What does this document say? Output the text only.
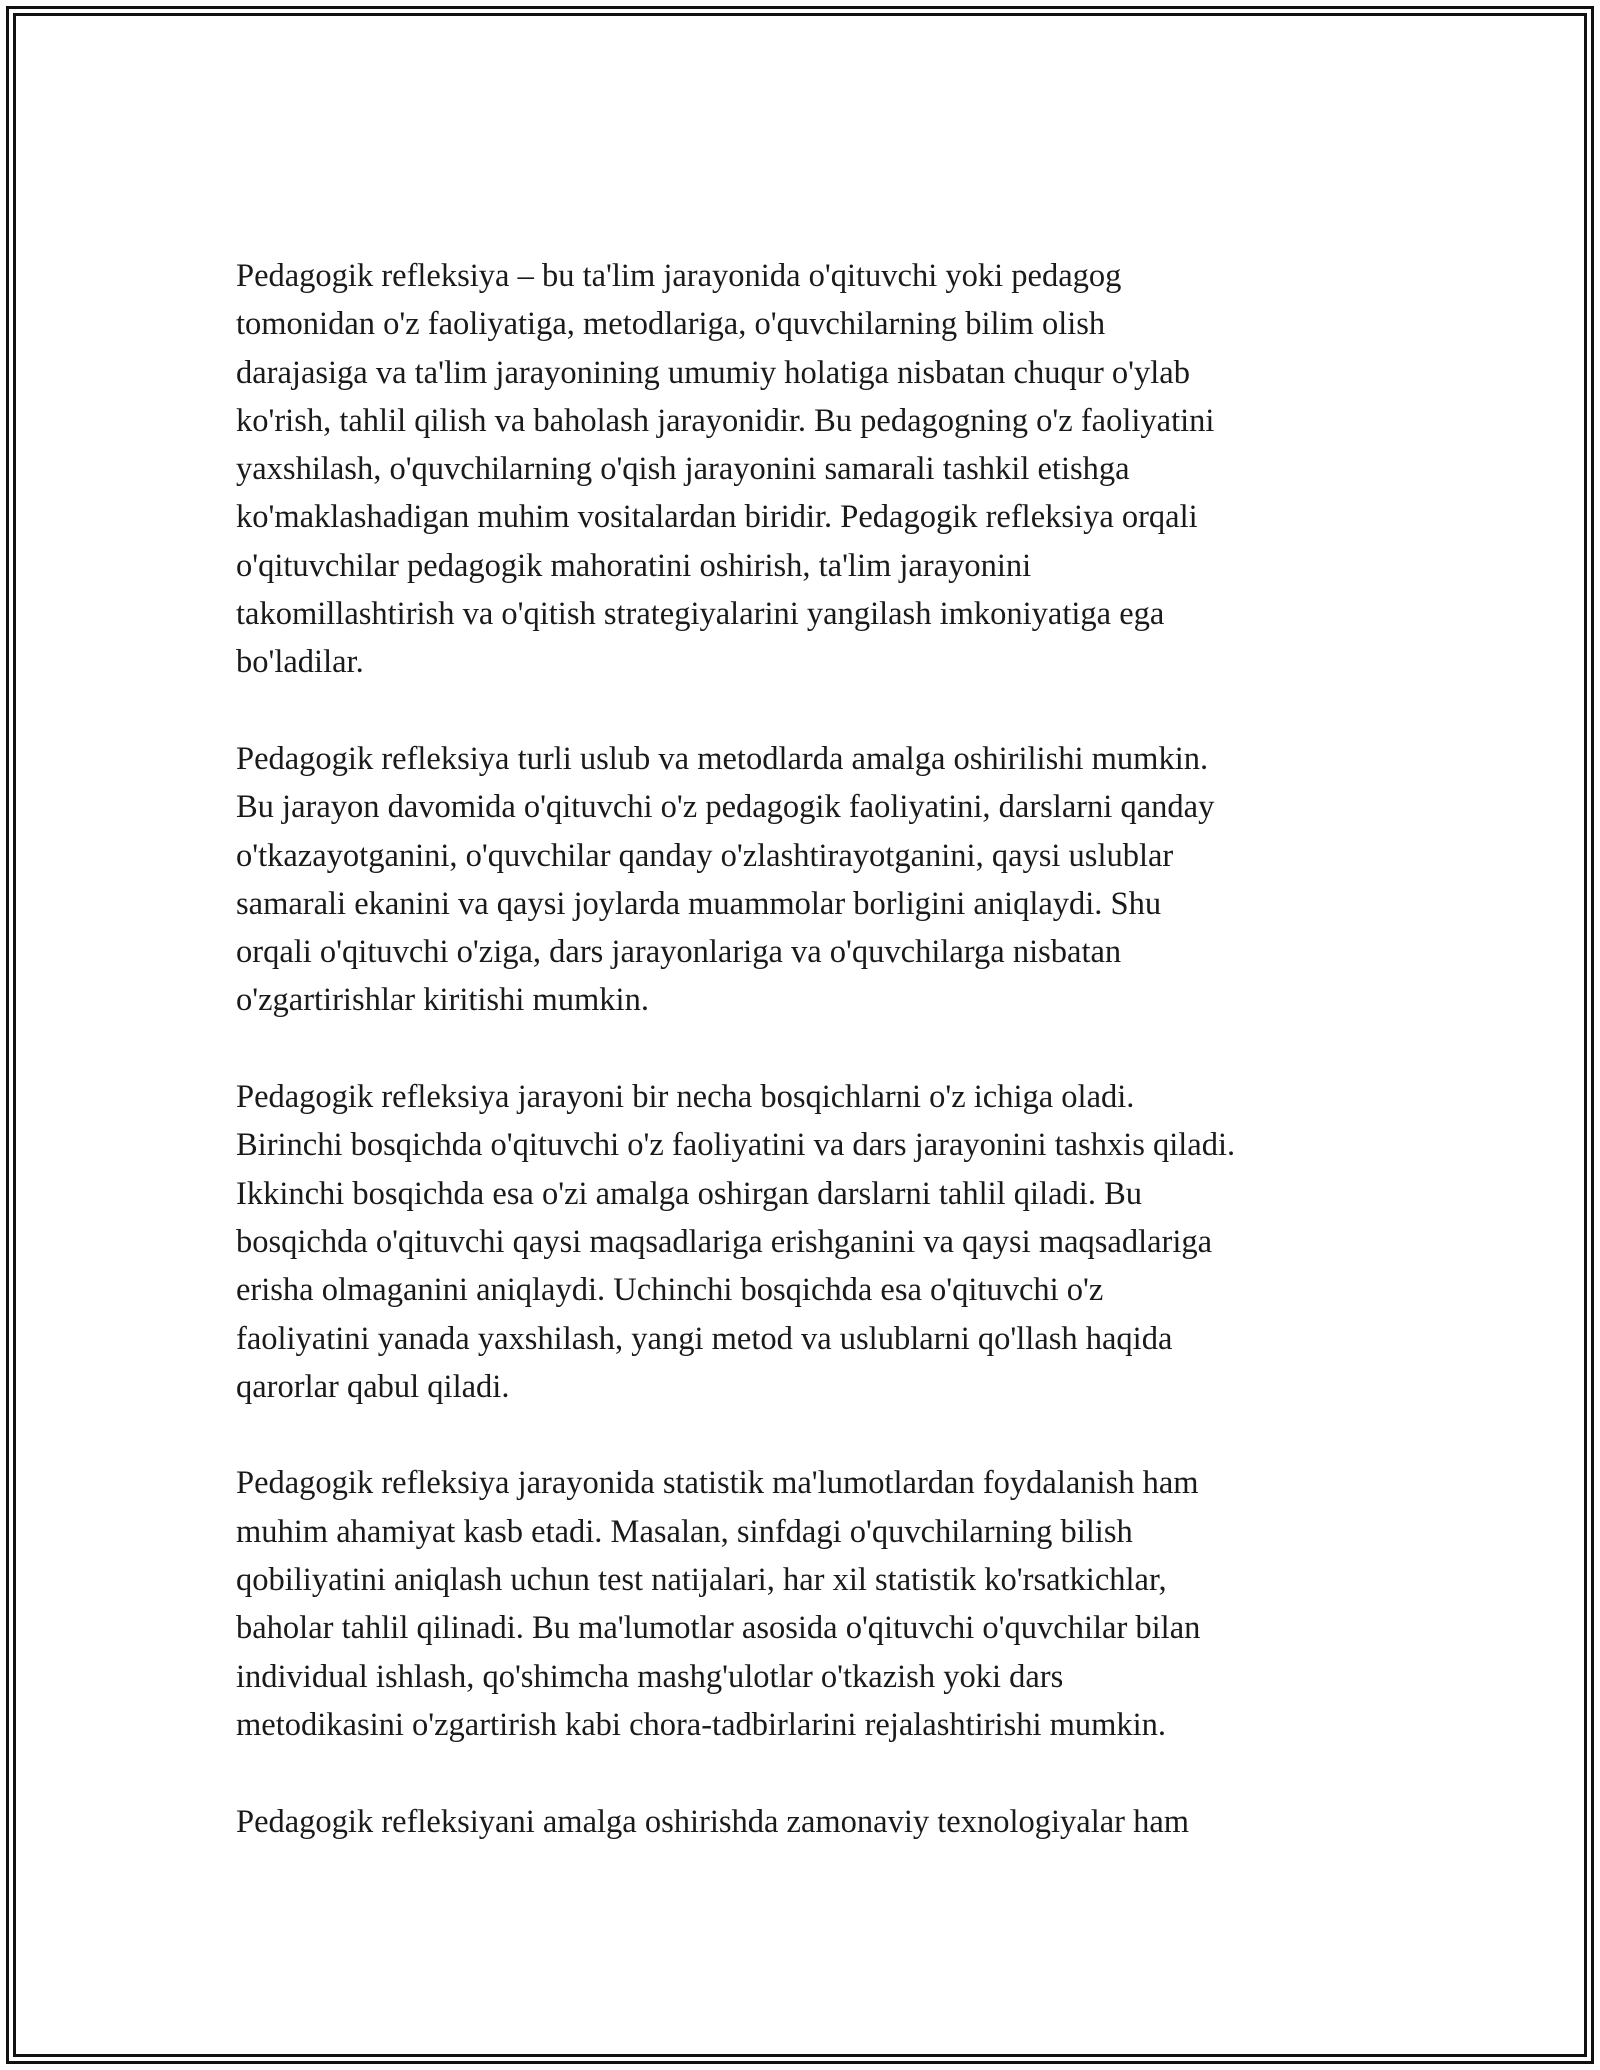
Pedagogik refleksiya – bu ta'lim jarayonida o'qituvchi yoki pedagog
tomonidan o'z faoliyatiga, metodlariga, o'quvchilarning bilim olish
darajasiga va ta'lim jarayonining umumiy holatiga nisbatan chuqur o'ylab
ko'rish, tahlil qilish va baholash jarayonidir. Bu pedagogning o'z faoliyatini
yaxshilash, o'quvchilarning o'qish jarayonini samarali tashkil etishga
ko'maklashadigan muhim vositalardan biridir. Pedagogik refleksiya orqali
o'qituvchilar pedagogik mahoratini oshirish, ta'lim jarayonini
takomillashtirish va o'qitish strategiyalarini yangilash imkoniyatiga ega
bo'ladilar.
Pedagogik refleksiya turli uslub va metodlarda amalga oshirilishi mumkin.
Bu jarayon davomida o'qituvchi o'z pedagogik faoliyatini, darslarni qanday
o'tkazayotganini, o'quvchilar qanday o'zlashtirayotganini, qaysi uslublar
samarali ekanini va qaysi joylarda muammolar borligini aniqlaydi. Shu
orqali o'qituvchi o'ziga, dars jarayonlariga va o'quvchilarga nisbatan
o'zgartirishlar kiritishi mumkin.
Pedagogik refleksiya jarayoni bir necha bosqichlarni o'z ichiga oladi.
Birinchi bosqichda o'qituvchi o'z faoliyatini va dars jarayonini tashxis qiladi.
Ikkinchi bosqichda esa o'zi amalga oshirgan darslarni tahlil qiladi. Bu
bosqichda o'qituvchi qaysi maqsadlariga erishganini va qaysi maqsadlariga
erisha olmaganini aniqlaydi. Uchinchi bosqichda esa o'qituvchi o'z
faoliyatini yanada yaxshilash, yangi metod va uslublarni qo'llash haqida
qarorlar qabul qiladi.
Pedagogik refleksiya jarayonida statistik ma'lumotlardan foydalanish ham
muhim ahamiyat kasb etadi. Masalan, sinfdagi o'quvchilarning bilish
qobiliyatini aniqlash uchun test natijalari, har xil statistik ko'rsatkichlar,
baholar tahlil qilinadi. Bu ma'lumotlar asosida o'qituvchi o'quvchilar bilan
individual ishlash, qo'shimcha mashg'ulotlar o'tkazish yoki dars
metodikasini o'zgartirish kabi chora-tadbirlarini rejalashtirishi mumkin.
Pedagogik refleksiyani amalga oshirishda zamonaviy texnologiyalar ham
